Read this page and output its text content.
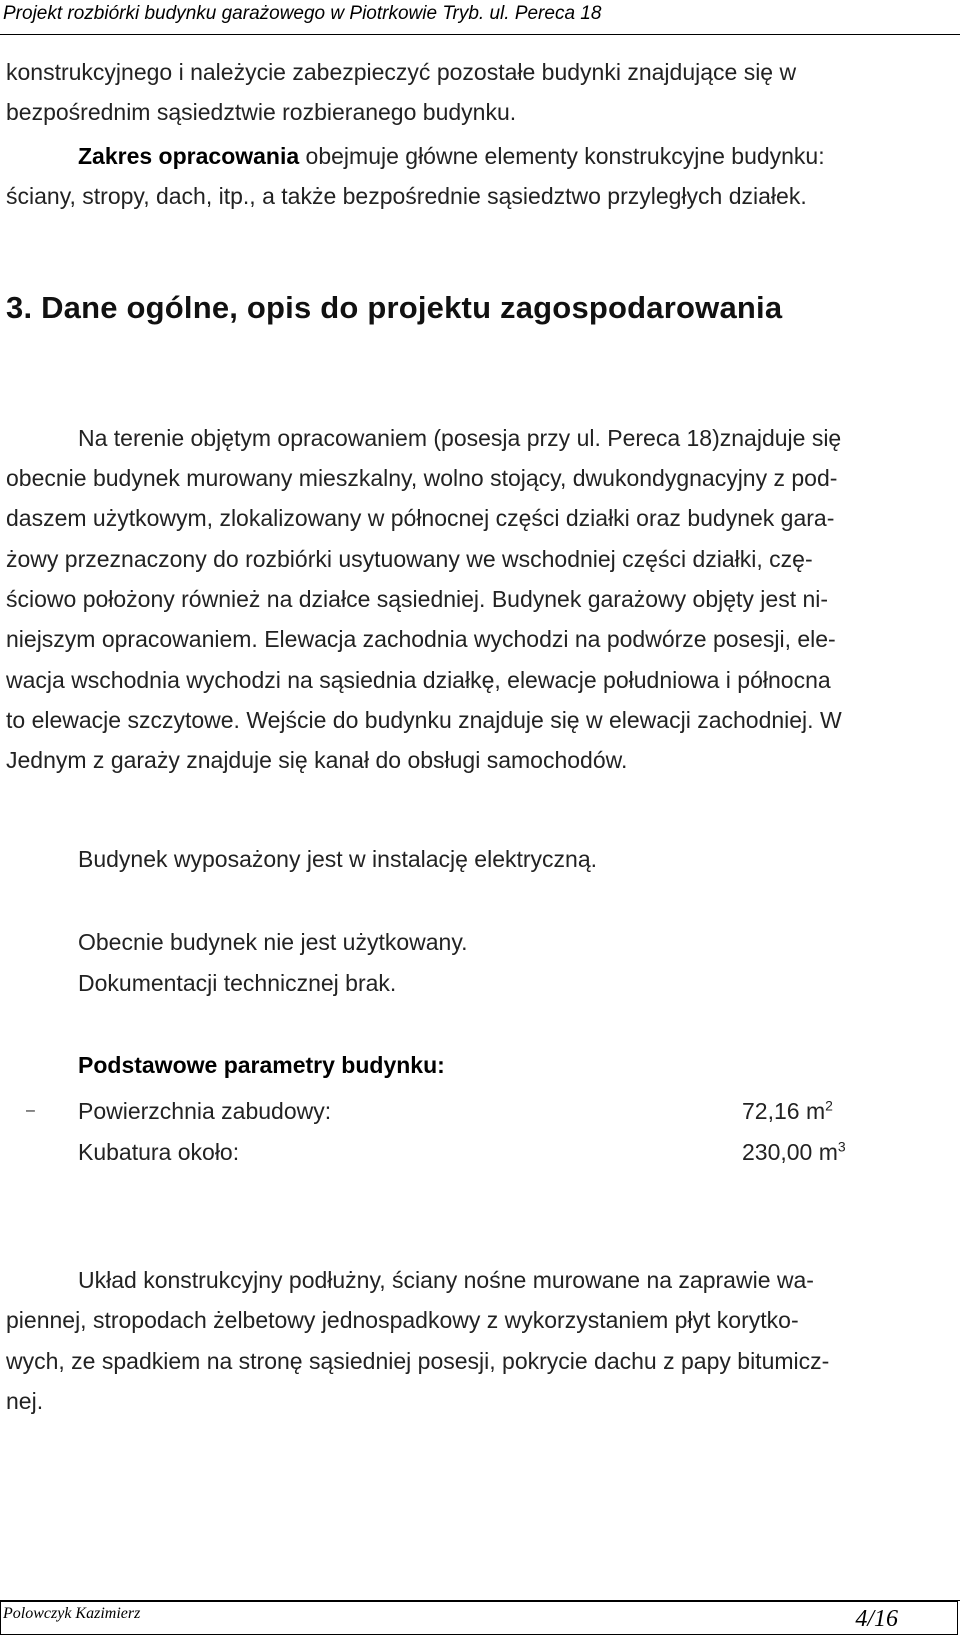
Projekt rozbiórki budynku garażowego w Piotrkowie Tryb. ul. Pereca 18
konstrukcyjnego i należycie zabezpieczyć pozostałe budynki znajdujące się w
bezpośrednim sąsiedztwie rozbieranego budynku.
Zakres opracowania obejmuje główne elementy konstrukcyjne budynku:
ściany, stropy, dach, itp., a także bezpośrednie sąsiedztwo przyległych działek.
3. Dane ogólne, opis do projektu zagospodarowania
Na terenie objętym opracowaniem (posesja przy ul. Pereca 18)znajduje się
obecnie budynek murowany mieszkalny, wolno stojący, dwukondygnacyjny z pod-
daszem użytkowym, zlokalizowany w północnej części działki oraz budynek gara-
żowy przeznaczony do rozbiórki usytuowany we wschodniej części działki, czę-
ściowo położony również na działce sąsiedniej. Budynek garażowy objęty jest ni-
niejszym opracowaniem. Elewacja zachodnia wychodzi na podwórze posesji, ele-
wacja wschodnia wychodzi na sąsiednia działkę, elewacje południowa i północna
to elewacje szczytowe. Wejście do budynku znajduje się w elewacji zachodniej. W
Jednym z garaży znajduje się kanał do obsługi samochodów.

Budynek wyposażony jest w instalację elektryczną.

Obecnie budynek nie jest użytkowany.

Dokumentacji technicznej brak.

Podstawowe parametry budynku:

– Powierzchnia zabudowy:	72,16 $m^2$
Kubatura około:	230,00 $m^3$
Układ konstrukcyjny podłużny, ściany nośne murowane na zaprawie wa-
piennej, stropodach żelbetowy jednospadkowy z wykorzystaniem płyt korytko-
wych, ze spadkiem na stronę sąsiedniej posesji, pokrycie dachu z papy bitumicz-
nej.
Polowczyk Kazimierz	4/16
